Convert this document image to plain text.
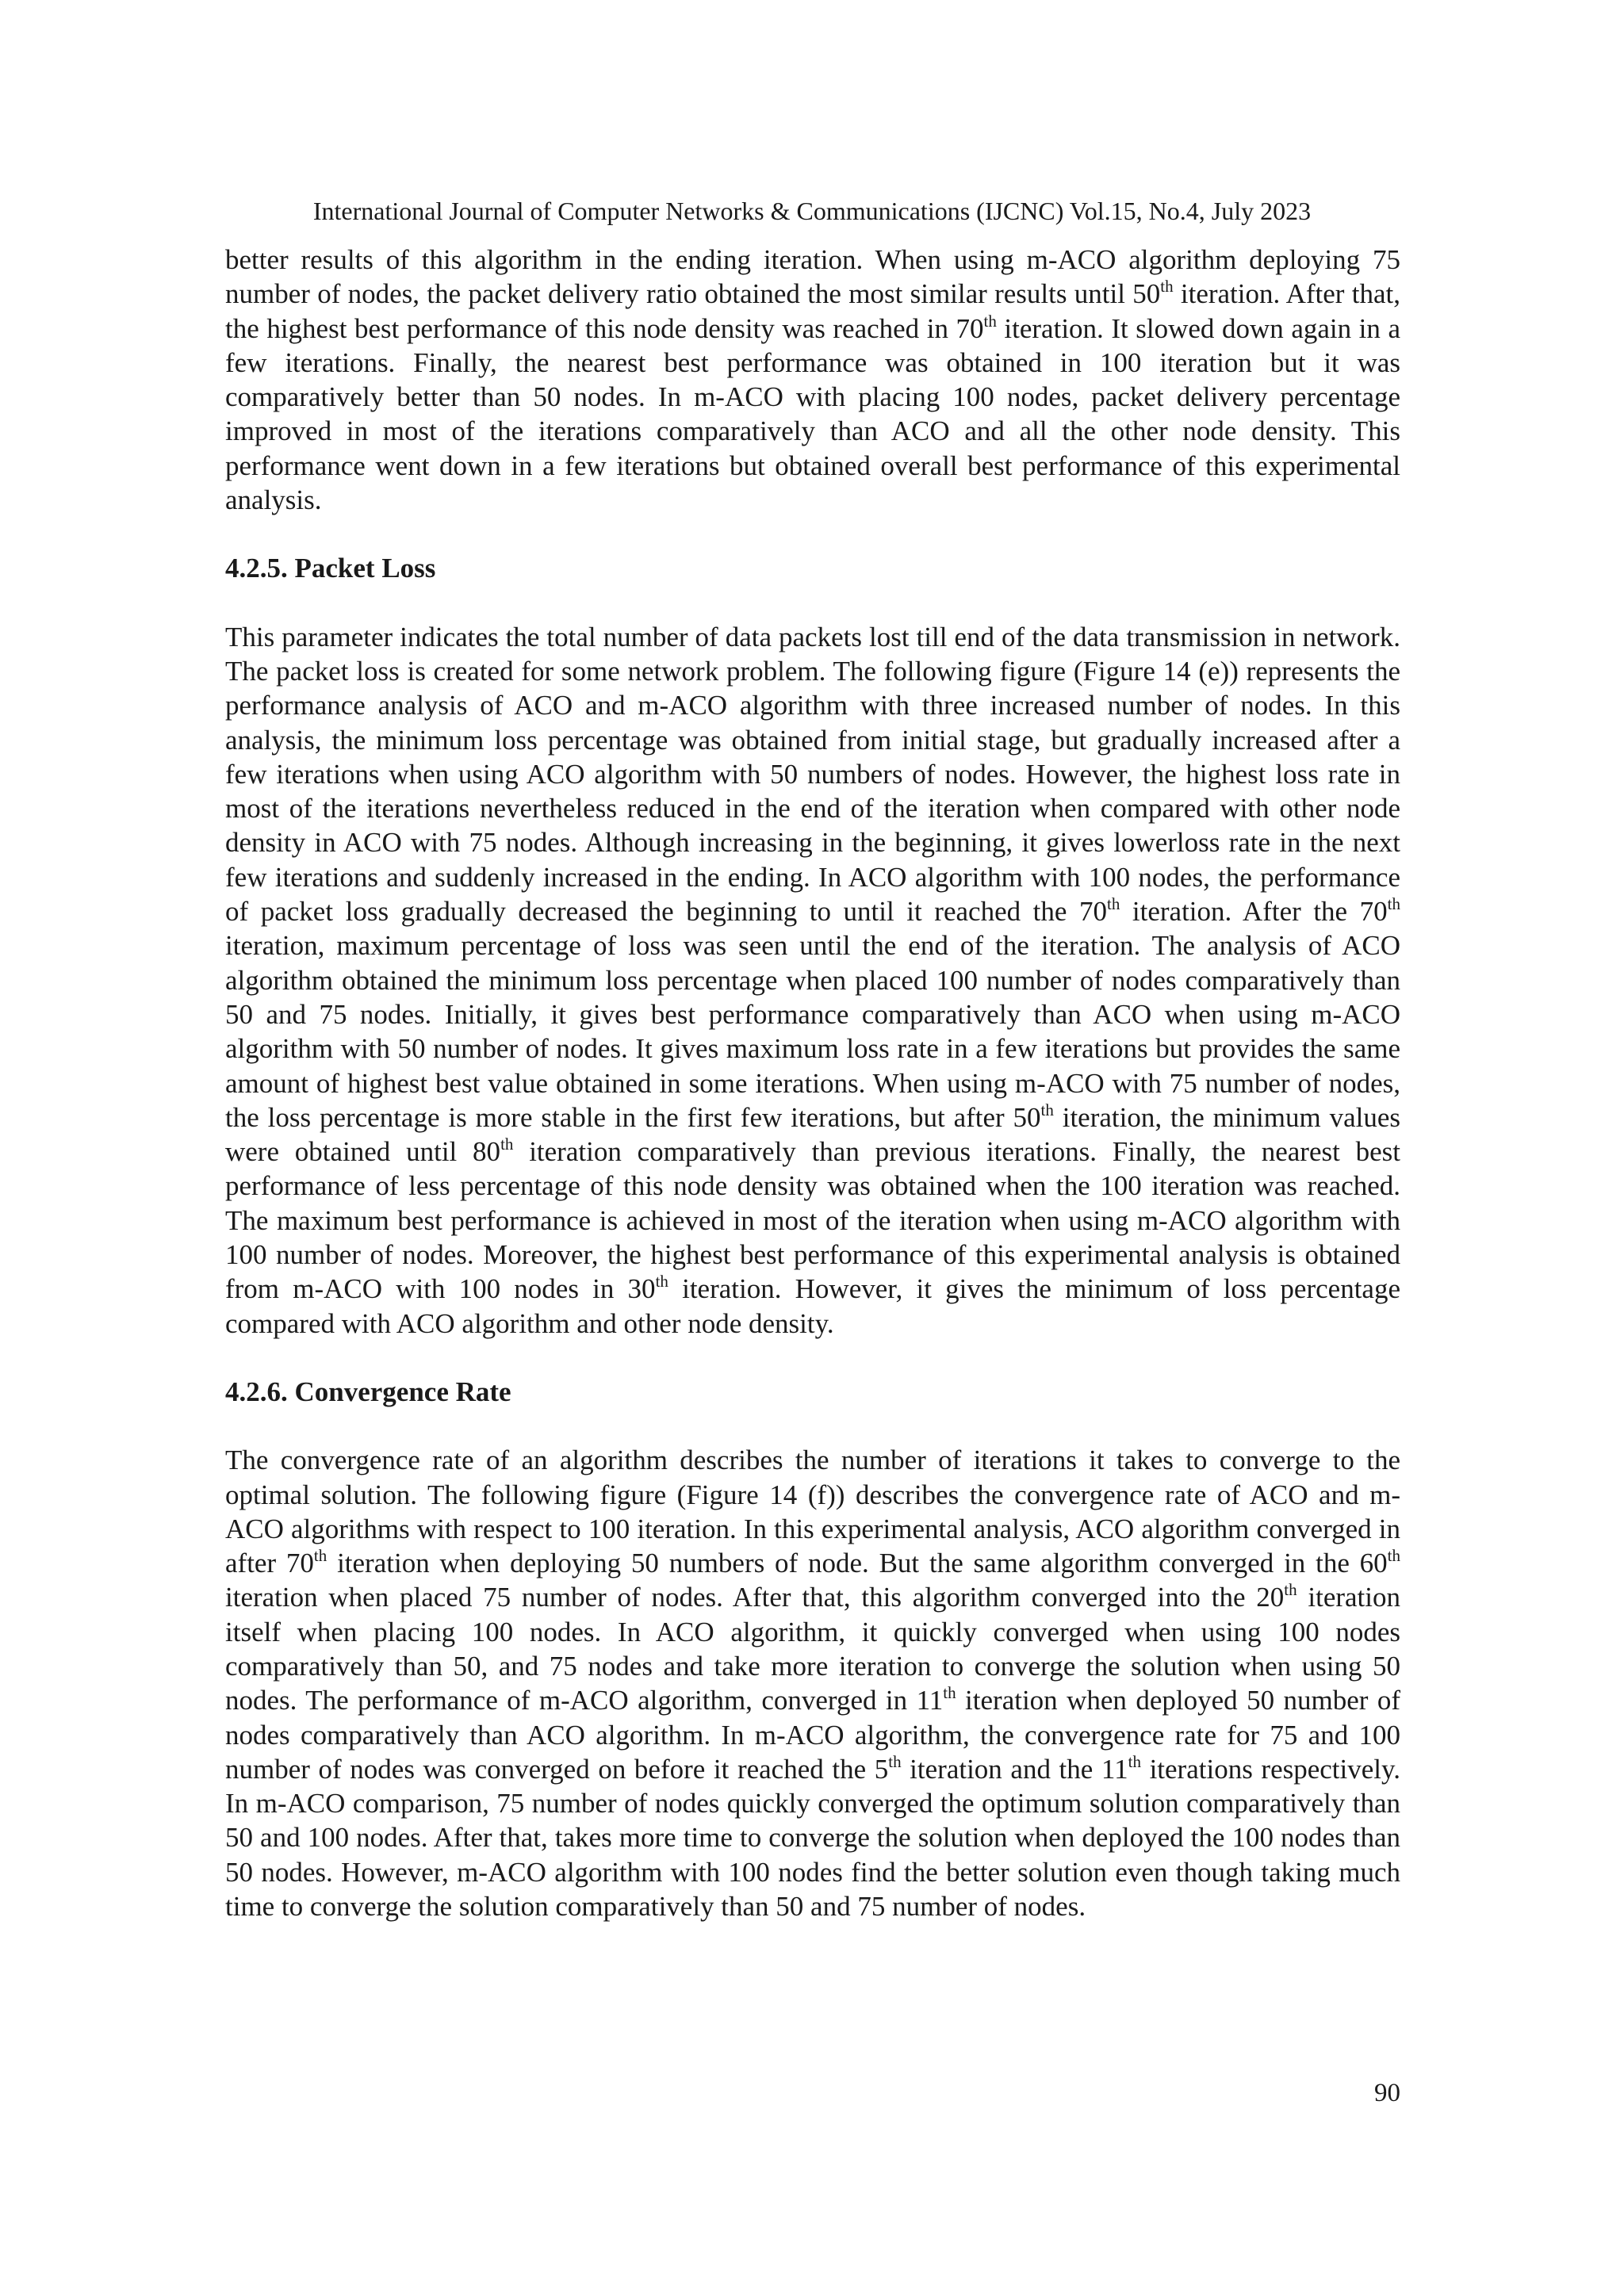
International Journal of Computer Networks & Communications (IJCNC) Vol.15, No.4, July 2023

better results of this algorithm in the ending iteration. When using m-ACO algorithm deploying 75 number of nodes, the packet delivery ratio obtained the most similar results until 50th iteration. After that, the highest best performance of this node density was reached in 70th iteration. It slowed down again in a few iterations. Finally, the nearest best performance was obtained in 100 iteration but it was comparatively better than 50 nodes. In m-ACO with placing 100 nodes, packet delivery percentage improved in most of the iterations comparatively than ACO and all the other node density. This performance went down in a few iterations but obtained overall best performance of this experimental analysis.

4.2.5. Packet Loss

This parameter indicates the total number of data packets lost till end of the data transmission in network. The packet loss is created for some network problem. The following figure (Figure 14 (e)) represents the performance analysis of ACO and m-ACO algorithm with three increased number of nodes. In this analysis, the minimum loss percentage was obtained from initial stage, but gradually increased after a few iterations when using ACO algorithm with 50 numbers of nodes. However, the highest loss rate in most of the iterations nevertheless reduced in the end of the iteration when compared with other node density in ACO with 75 nodes. Although increasing in the beginning, it gives lowerloss rate in the next few iterations and suddenly increased in the ending. In ACO algorithm with 100 nodes, the performance of packet loss gradually decreased the beginning to until it reached the 70th iteration. After the 70th iteration, maximum percentage of loss was seen until the end of the iteration. The analysis of ACO algorithm obtained the minimum loss percentage when placed 100 number of nodes comparatively than 50 and 75 nodes. Initially, it gives best performance comparatively than ACO when using m-ACO algorithm with 50 number of nodes. It gives maximum loss rate in a few iterations but provides the same amount of highest best value obtained in some iterations. When using m-ACO with 75 number of nodes, the loss percentage is more stable in the first few iterations, but after 50th iteration, the minimum values were obtained until 80th iteration comparatively than previous iterations. Finally, the nearest best performance of less percentage of this node density was obtained when the 100 iteration was reached. The maximum best performance is achieved in most of the iteration when using m-ACO algorithm with 100 number of nodes. Moreover, the highest best performance of this experimental analysis is obtained from m-ACO with 100 nodes in 30th iteration. However, it gives the minimum of loss percentage compared with ACO algorithm and other node density.

4.2.6. Convergence Rate

The convergence rate of an algorithm describes the number of iterations it takes to converge to the optimal solution. The following figure (Figure 14 (f)) describes the convergence rate of ACO and m-ACO algorithms with respect to 100 iteration. In this experimental analysis, ACO algorithm converged in after 70th iteration when deploying 50 numbers of node. But the same algorithm converged in the 60th iteration when placed 75 number of nodes. After that, this algorithm converged into the 20th iteration itself when placing 100 nodes. In ACO algorithm, it quickly converged when using 100 nodes comparatively than 50, and 75 nodes and take more iteration to converge the solution when using 50 nodes. The performance of m-ACO algorithm, converged in 11th iteration when deployed 50 number of nodes comparatively than ACO algorithm. In m-ACO algorithm, the convergence rate for 75 and 100 number of nodes was converged on before it reached the 5th iteration and the 11th iterations respectively. In m-ACO comparison, 75 number of nodes quickly converged the optimum solution comparatively than 50 and 100 nodes. After that, takes more time to converge the solution when deployed the 100 nodes than 50 nodes. However, m-ACO algorithm with 100 nodes find the better solution even though taking much time to converge the solution comparatively than 50 and 75 number of nodes.

90
